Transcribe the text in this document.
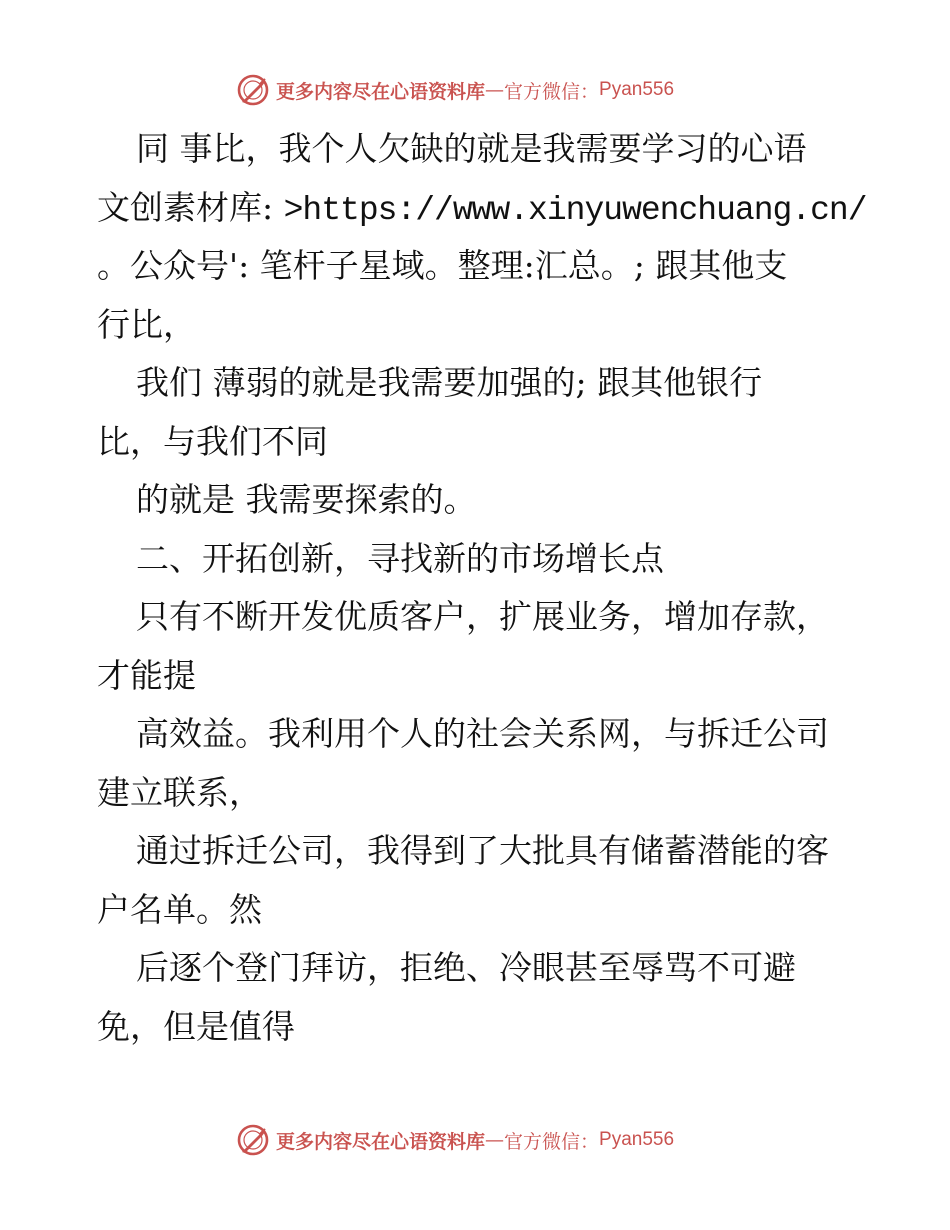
更多内容尽在心语资料库 — 官方微信： Pyan556
同 事比，我个人欠缺的就是我需要学习的心语
文创素材库: >https://www.xinyuwenchuang.cn/
。公众号': 笔杆子星域。整理:汇总。; 跟其他支
行比，
我们 薄弱的就是我需要加强的; 跟其他银行
比，与我们不同
的就是 我需要探索的。
二、开拓创新，寻找新的市场增长点
只有不断开发优质客户，扩展业务，增加存款，
才能提
高效益。我利用个人的社会关系网，与拆迁公司
建立联系，
通过拆迁公司，我得到了大批具有储蓄潜能的客
户名单。然
后逐个登门拜访，拒绝、冷眼甚至辱骂不可避
免，但是值得
更多内容尽在心语资料库 — 官方微信： Pyan556
